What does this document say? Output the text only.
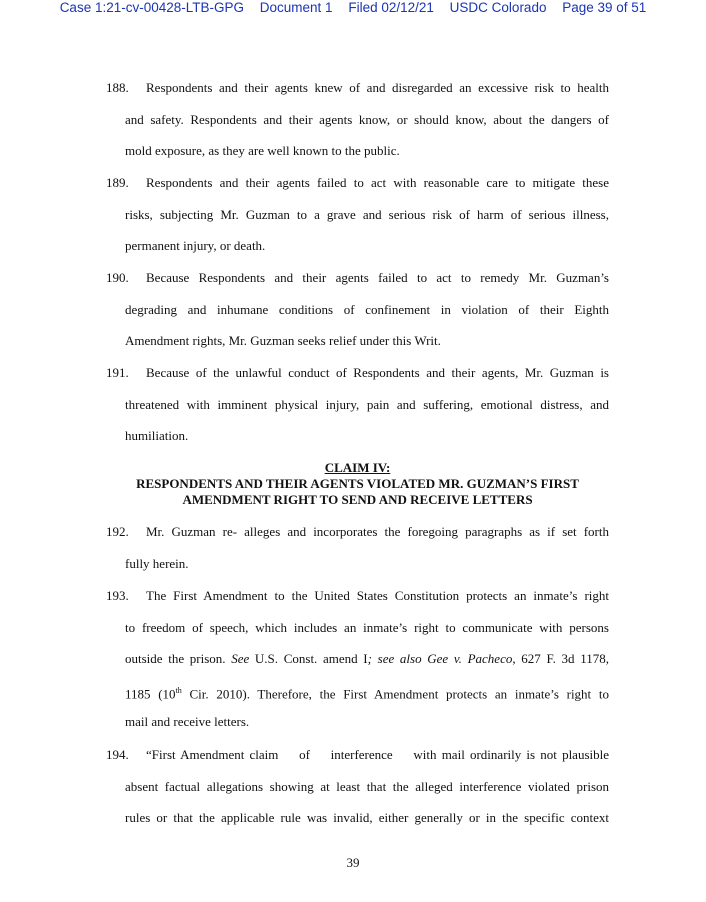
Case 1:21-cv-00428-LTB-GPG Document 1 Filed 02/12/21 USDC Colorado Page 39 of 51
188. Respondents and their agents knew of and disregarded an excessive risk to health
and safety. Respondents and their agents know, or should know, about the dangers of
mold exposure, as they are well known to the public.
189. Respondents and their agents failed to act with reasonable care to mitigate these
risks, subjecting Mr. Guzman to a grave and serious risk of harm of serious illness,
permanent injury, or death.
190. Because Respondents and their agents failed to act to remedy Mr. Guzman’s
degrading and inhumane conditions of confinement in violation of their Eighth
Amendment rights, Mr. Guzman seeks relief under this Writ.
191. Because of the unlawful conduct of Respondents and their agents, Mr. Guzman is
threatened with imminent physical injury, pain and suffering, emotional distress, and
humiliation.
CLAIM IV:
RESPONDENTS AND THEIR AGENTS VIOLATED MR. GUZMAN’S FIRST
AMENDMENT RIGHT TO SEND AND RECEIVE LETTERS
192. Mr. Guzman re- alleges and incorporates the foregoing paragraphs as if set forth
fully herein.
193. The First Amendment to the United States Constitution protects an inmate’s right
to freedom of speech, which includes an inmate’s right to communicate with persons
outside the prison. See U.S. Const. amend I; see also Gee v. Pacheco, 627 F. 3d 1178,
1185 (10th Cir. 2010). Therefore, the First Amendment protects an inmate’s right to
mail and receive letters.
194. “First Amendment claim    of    interference    with mail ordinarily is not plausible
absent factual allegations showing at least that the alleged interference violated prison
rules or that the applicable rule was invalid, either generally or in the specific context
39
